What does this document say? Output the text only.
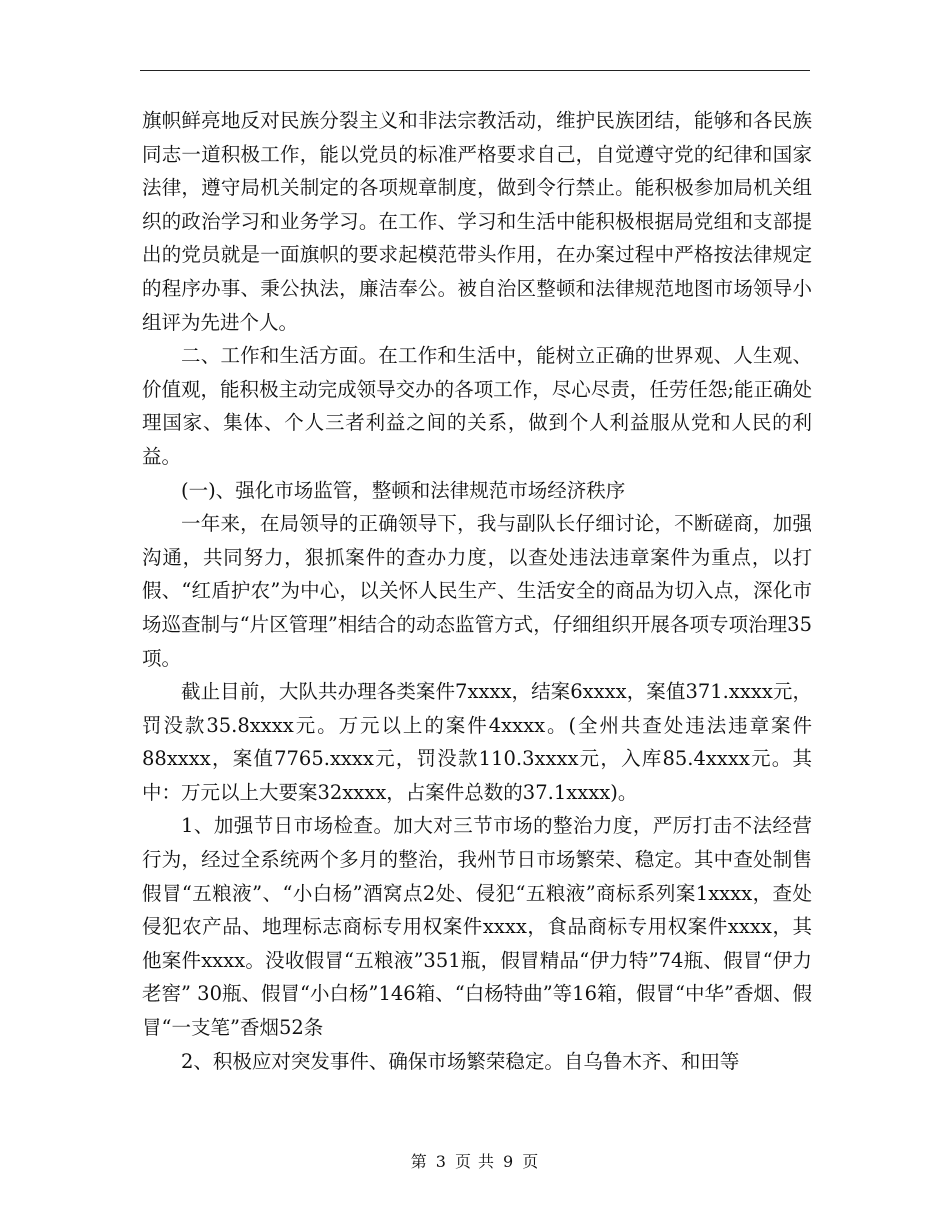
旗帜鲜亮地反对民族分裂主义和非法宗教活动，维护民族团结，能够和各民族同志一道积极工作，能以党员的标准严格要求自己，自觉遵守党的纪律和国家法律，遵守局机关制定的各项规章制度，做到令行禁止。能积极参加局机关组织的政治学习和业务学习。在工作、学习和生活中能积极根据局党组和支部提出的党员就是一面旗帜的要求起模范带头作用，在办案过程中严格按法律规定的程序办事、秉公执法，廉洁奉公。被自治区整顿和法律规范地图市场领导小组评为先进个人。

二、工作和生活方面。在工作和生活中，能树立正确的世界观、人生观、价值观，能积极主动完成领导交办的各项工作，尽心尽责，任劳任怨;能正确处理国家、集体、个人三者利益之间的关系，做到个人利益服从党和人民的利益。

(一)、强化市场监管，整顿和法律规范市场经济秩序

一年来，在局领导的正确领导下，我与副队长仔细讨论，不断磋商，加强沟通，共同努力，狠抓案件的查办力度，以查处违法违章案件为重点，以打假、“红盾护农”为中心，以关怀人民生产、生活安全的商品为切入点，深化市场巡查制与“片区管理”相结合的动态监管方式，仔细组织开展各项专项治理35项。

截止目前，大队共办理各类案件7xxxx，结案6xxxx，案值371.xxxx元，罚没款35.8xxxx元。万元以上的案件4xxxx。(全州共查处违法违章案件88xxxx，案值7765.xxxx元，罚没款110.3xxxx元，入库85.4xxxx元。其中：万元以上大要案32xxxx，占案件总数的37.1xxxx)。

1、加强节日市场检查。加大对三节市场的整治力度，严厉打击不法经营行为，经过全系统两个多月的整治，我州节日市场繁荣、稳定。其中查处制售假冒“五粮液”、“小白杨”酒窝点2处、侵犯“五粮液”商标系列案1xxxx，查处侵犯农产品、地理标志商标专用权案件xxxx，食品商标专用权案件xxxx，其他案件xxxx。没收假冒“五粮液”351瓶，假冒精品“伊力特”74瓶、假冒“伊力老窖” 30瓶、假冒“小白杨”146箱、“白杨特曲”等16箱，假冒“中华”香烟、假冒“一支笔”香烟52条

2、积极应对突发事件、确保市场繁荣稳定。自乌鲁木齐、和田等

第 3 页 共 9 页
